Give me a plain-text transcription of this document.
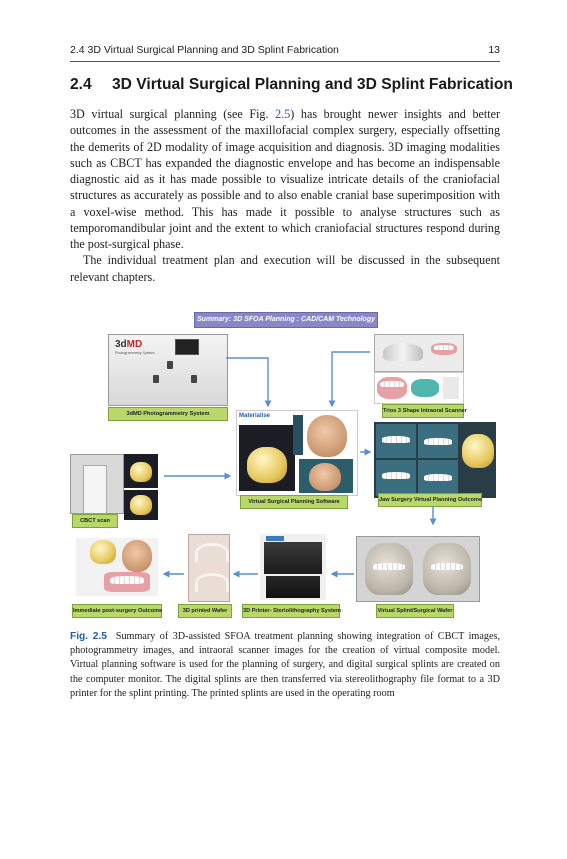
2.4 3D Virtual Surgical Planning and 3D Splint Fabrication	13
2.4 3D Virtual Surgical Planning and 3D Splint Fabrication

3D virtual surgical planning (see Fig. 2.5) has brought newer insights and better outcomes in the assessment of the maxillofacial complex surgery, especially offsetting the demerits of 2D modality of image acquisition and diagnosis. 3D imaging modalities such as CBCT has expanded the diagnostic envelope and has become an indispensable diagnostic aid as it has made possible to visualize intricate details of the craniofacial structures as accurately as possible and to also enable cranial base superimposition with a voxel-wise method. This has made it possible to analyse structures such as temporomandibular joint and the extent to which craniofacial structures respond during the post-surgical phase.

The individual treatment plan and execution will be discussed in the subsequent relevant chapters.

Summary: 3D SFOA Planning : CAD/CAM Technology
3dMD
Photogrammetry System
3dMD Photogrammetry System	Trios 3 Shape Intraoral Scanner
CBCT scan
Materialise
Virtual Surgical Planning Software	Jaw Surgery Virtual Planning Outcome
Immediate post-surgery Outcome	3D printed Wafer	3D Printer- Steriolithography System	Virtual Splint/Surgical Wafer
Fig. 2.5 Summary of 3D-assisted SFOA treatment planning showing integration of CBCT images, photogrammetry images, and intraoral scanner images for the creation of virtual composite model. Virtual planning software is used for the planning of surgery, and digital surgical splints are created on the computer monitor. The digital splints are then transferred via stereolithography file format to a 3D printer for the splint printing. The printed splints are used in the operating room
